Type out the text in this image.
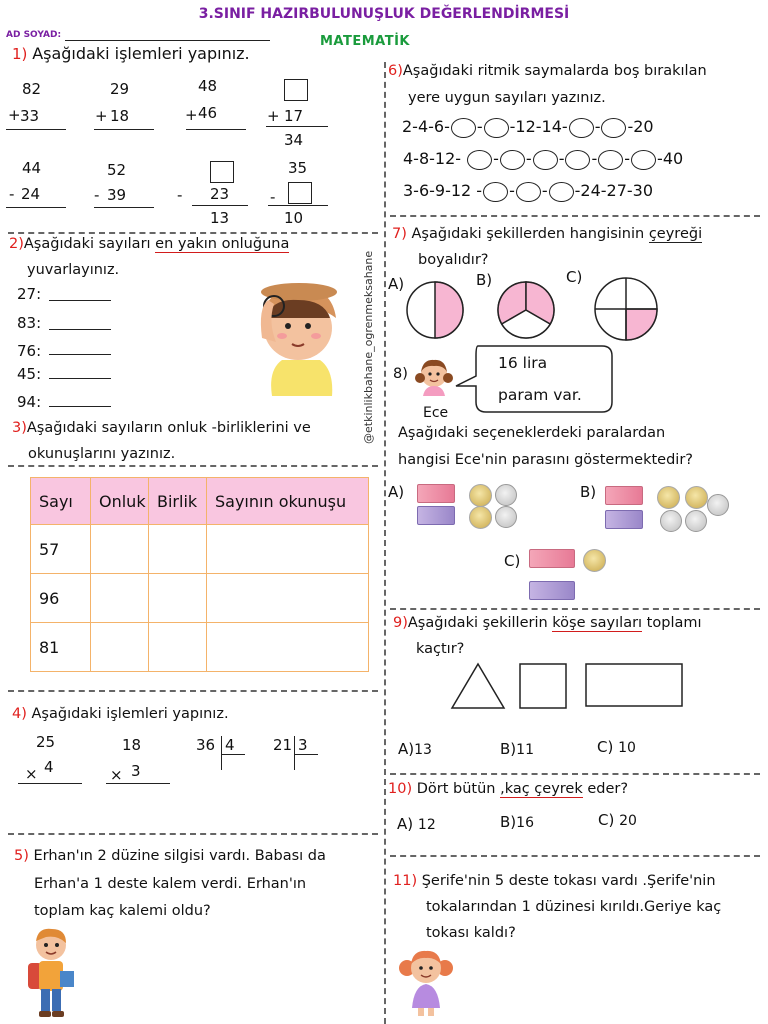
3.SINIF HAZIRBULUNUŞLUK DEĞERLENDİRMESİ
AD SOYAD:	MATEMATİK
1) Aşağıdaki işlemleri yapınız.
82
+ 33
29
+ 18
48
+ 46	+ 17
34
44
- 24
52
- 39	- 23
13
35
-
10
2)Aşağıdaki sayıları en yakın onluğuna
yuvarlayınız.
27:
83:
76:
45:
94:
3)Aşağıdaki sayıların onluk -birliklerini ve
okunuşlarını yazınız.
Sayı	Onluk	Birlik	Sayının okunuşu
57			
96			
81			
4) Aşağıdaki işlemleri yapınız.
25
× 4
18
× 3
36 4	21 3
5) Erhan'ın 2 düzine silgisi vardı. Babası da
Erhan'a 1 deste kalem verdi. Erhan'ın
toplam kaç kalemi oldu?
@etkinlikbahane_ogrenmeksahane
6)Aşağıdaki ritmik saymalarda boş bırakılan
yere uygun sayıları yazınız.
2-4-6- - -12-14- - -20
4-8-12- - - - - - -40
3-6-9-12 - - - -24-27-30
7) Aşağıdaki şekillerden hangisinin çeyreği
boyalıdır?
A)	B)	C)
8)
Ece
16 lira
param var.
Aşağıdaki seçeneklerdeki paralardan
hangisi Ece'nin parasını göstermektedir?
A)	B)
C)
9)Aşağıdaki şekillerin köşe sayıları toplamı
kaçtır?
A)13	B)11	C) 10
10) Dört bütün ,kaç çeyrek eder?
A) 12	B)16	C) 20
11) Şerife'nin 5 deste tokası vardı .Şerife'nin
tokalarından 1 düzinesi kırıldı.Geriye kaç
tokası kaldı?
